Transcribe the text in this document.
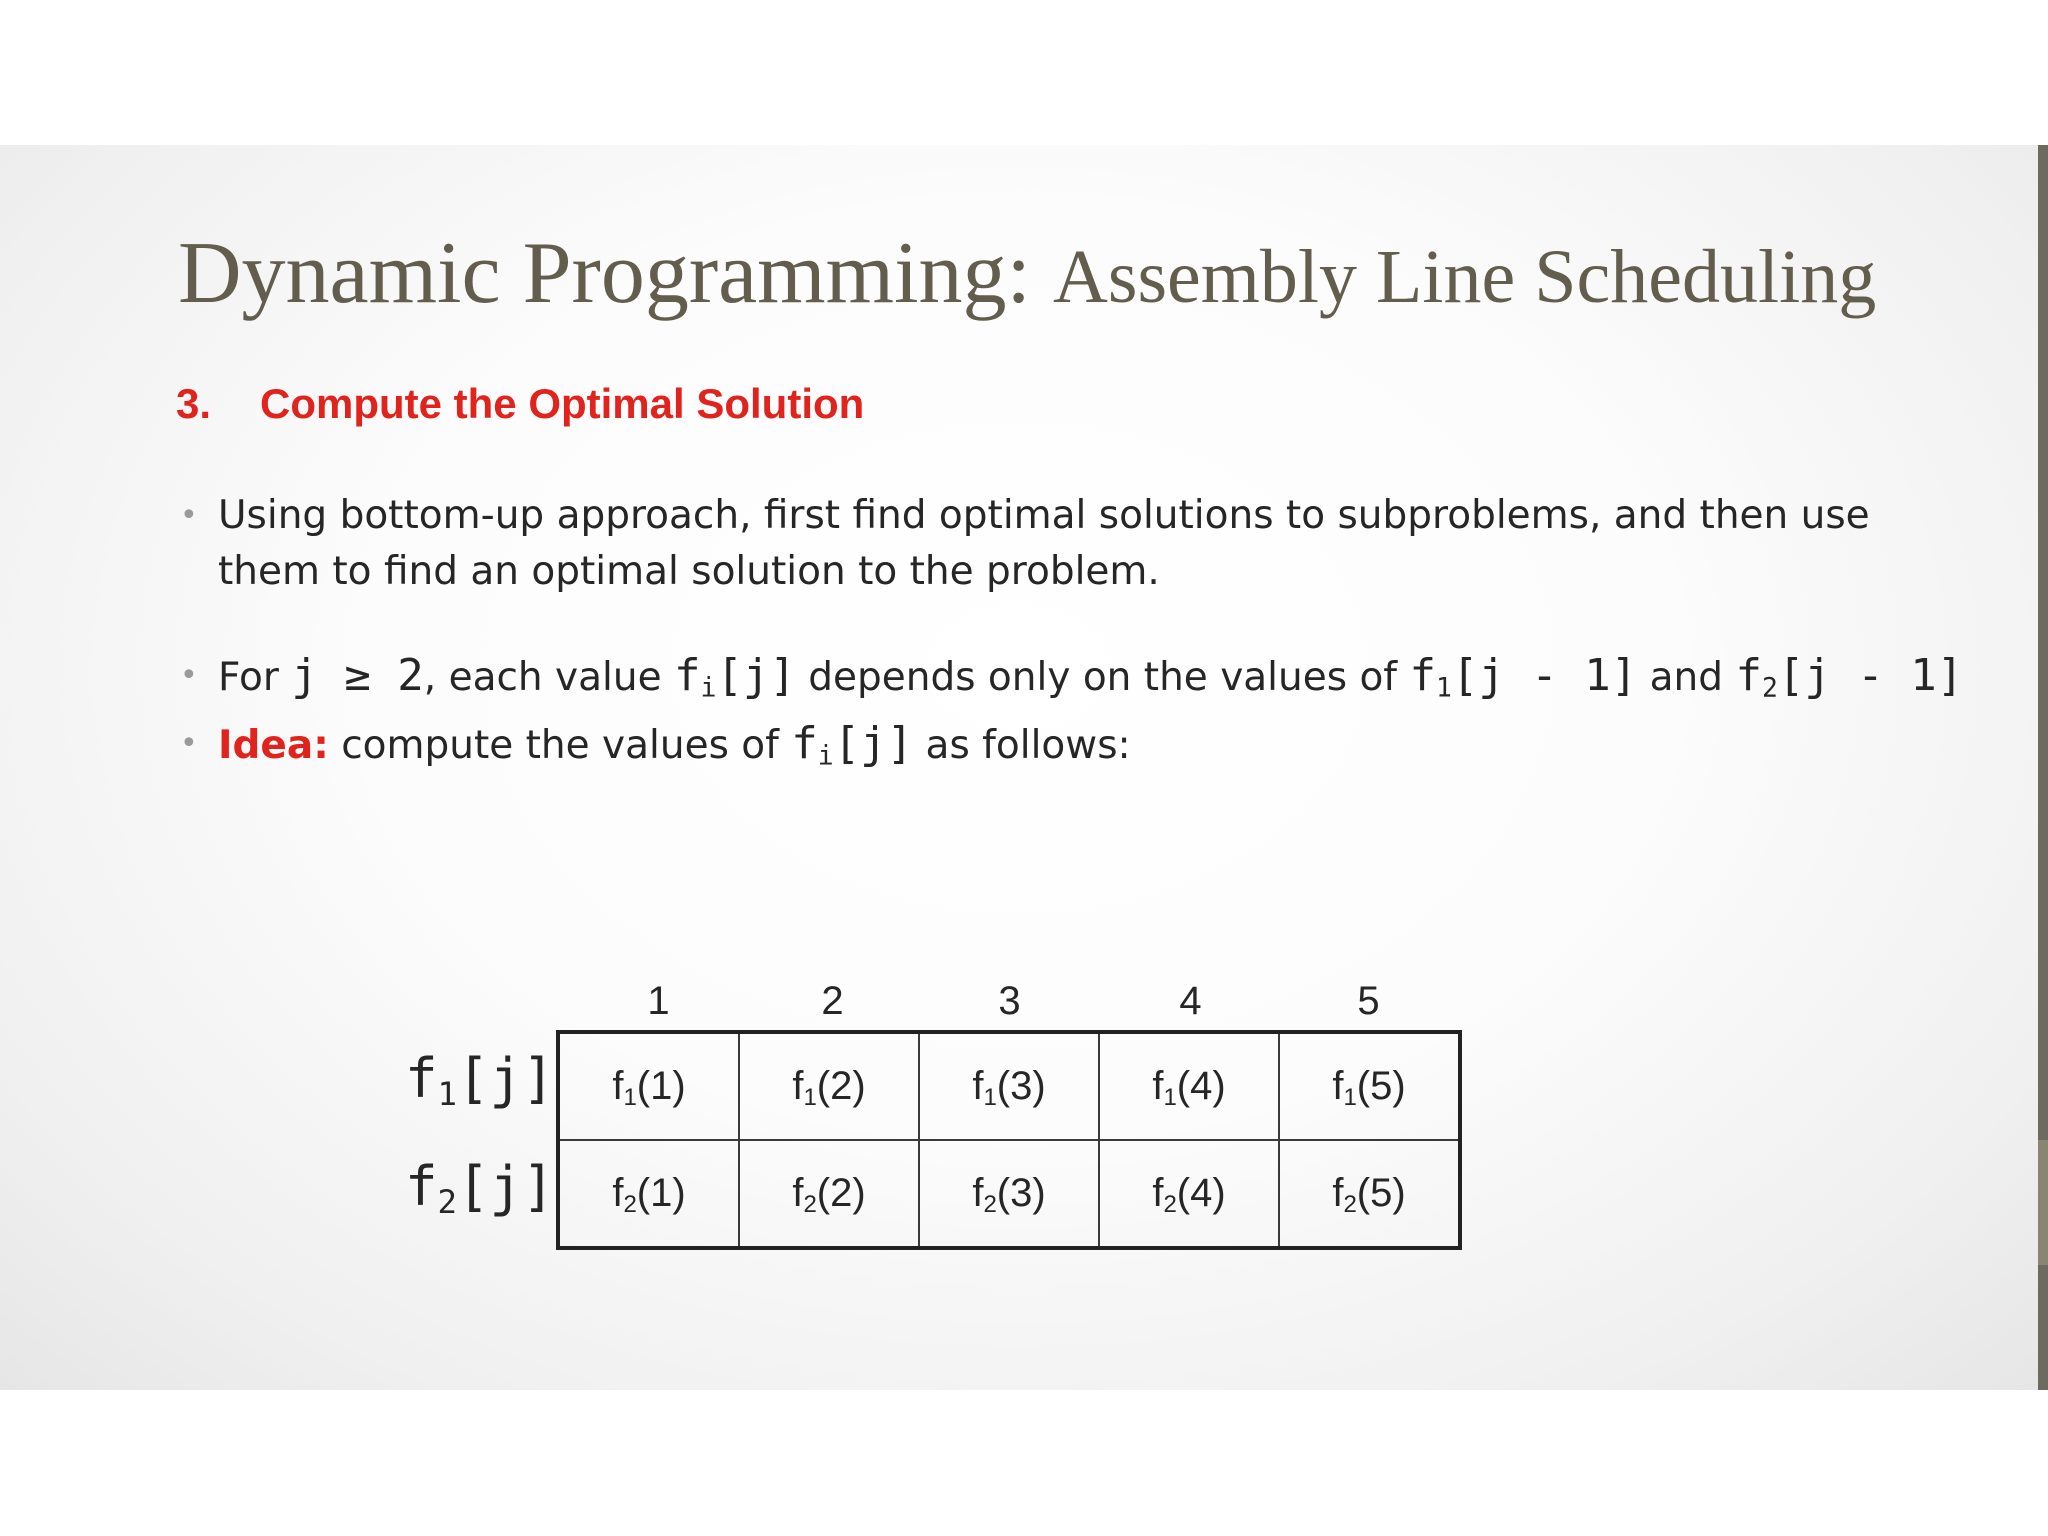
Dynamic Programming: Assembly Line Scheduling
3. Compute the Optimal Solution
• Using bottom-up approach, first find optimal solutions to subproblems, and then use
them to find an optimal solution to the problem.
• For j ≥ 2, each value $f_i[j]$ depends only on the values of $f_1[j - 1]$ and $f_2[j - 1]$
• Idea: compute the values of $f_i[j]$ as follows:
1	2	3	4	5
$f_1[j]$
$f_2[j]$
$f_1(1)$	$f_1(2)$	$f_1(3)$	$f_1(4)$	$f_1(5)$
$f_2(1)$	$f_2(2)$	$f_2(3)$	$f_2(4)$	$f_2(5)$
